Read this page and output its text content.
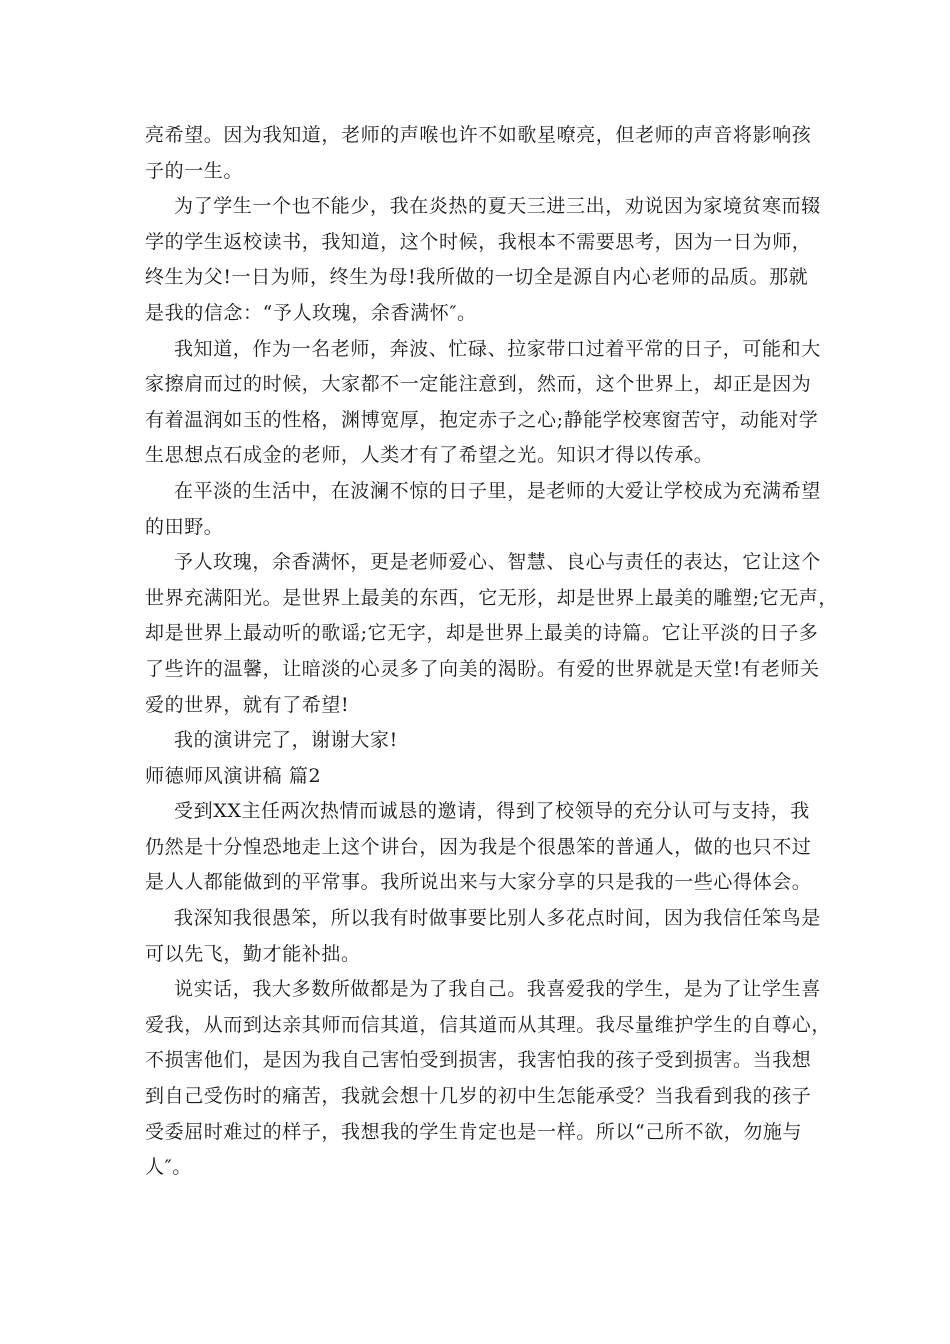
亮希望。因为我知道，老师的声喉也许不如歌星嘹亮，但老师的声音将影响孩
子的一生。
为了学生一个也不能少，我在炎热的夏天三进三出，劝说因为家境贫寒而辍
学的学生返校读书，我知道，这个时候，我根本不需要思考，因为一日为师，
终生为父!一日为师，终生为母!我所做的一切全是源自内心老师的品质。那就
是我的信念：“予人玫瑰，余香满怀″。
我知道，作为一名老师，奔波、忙碌、拉家带口过着平常的日子，可能和大
家擦肩而过的时候，大家都不一定能注意到，然而，这个世界上，却正是因为
有着温润如玉的性格，渊博宽厚，抱定赤子之心;静能学校寒窗苦守，动能对学
生思想点石成金的老师，人类才有了希望之光。知识才得以传承。
在平淡的生活中，在波澜不惊的日子里，是老师的大爱让学校成为充满希望
的田野。
予人玫瑰，余香满怀，更是老师爱心、智慧、良心与责任的表达，它让这个
世界充满阳光。是世界上最美的东西，它无形，却是世界上最美的雕塑;它无声，
却是世界上最动听的歌谣;它无字，却是世界上最美的诗篇。它让平淡的日子多
了些许的温馨，让暗淡的心灵多了向美的渴盼。有爱的世界就是天堂!有老师关
爱的世界，就有了希望!
我的演讲完了，谢谢大家!
师德师风演讲稿 篇2
受到XX主任两次热情而诚恳的邀请，得到了校领导的充分认可与支持，我
仍然是十分惶恐地走上这个讲台，因为我是个很愚笨的普通人，做的也只不过
是人人都能做到的平常事。我所说出来与大家分享的只是我的一些心得体会。
我深知我很愚笨，所以我有时做事要比别人多花点时间，因为我信任笨鸟是
可以先飞，勤才能补拙。
说实话，我大多数所做都是为了我自己。我喜爱我的学生，是为了让学生喜
爱我，从而到达亲其师而信其道，信其道而从其理。我尽量维护学生的自尊心，
不损害他们，是因为我自己害怕受到损害，我害怕我的孩子受到损害。当我想
到自己受伤时的痛苦，我就会想十几岁的初中生怎能承受？当我看到我的孩子
受委屈时难过的样子，我想我的学生肯定也是一样。所以“己所不欲，勿施与
人″。
